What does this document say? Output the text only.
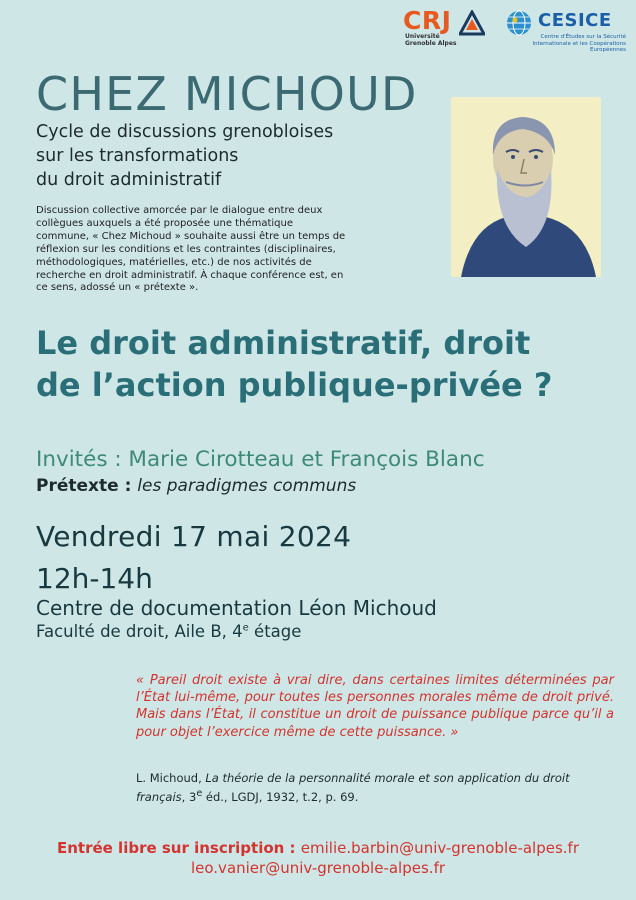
CRJ
Université
Grenoble Alpes
CESICE
Centre d'Études sur la Sécurité Internationale et les Coopérations Européennes
CHEZ MICHOUD
Cycle de discussions grenobloises
sur les transformations
du droit administratif
Discussion collective amorcée par le dialogue entre deux collègues auxquels a été proposée une thématique commune, « Chez Michoud » souhaite aussi être un temps de réflexion sur les conditions et les contraintes (disciplinaires, méthodologiques, matérielles, etc.) de nos activités de recherche en droit administratif. À chaque conférence est, en ce sens, adossé un « prétexte ».
Le droit administratif, droit
de l’action publique-privée ?
Invités : Marie Cirotteau et François Blanc
Prétexte : les paradigmes communs
Vendredi 17 mai 2024
12h-14h
Centre de documentation Léon Michoud
Faculté de droit, Aile B, 4e étage
« Pareil droit existe à vrai dire, dans certaines limites déterminées par l’État lui-même, pour toutes les personnes morales même de droit privé. Mais dans l’État, il constitue un droit de puissance publique parce qu’il a pour objet l’exercice même de cette puissance. »
L. Michoud, La théorie de la personnalité morale et son application du droit français, 3e éd., LGDJ, 1932, t.2, p. 69.
Entrée libre sur inscription : emilie.barbin@univ-grenoble-alpes.fr
leo.vanier@univ-grenoble-alpes.fr
